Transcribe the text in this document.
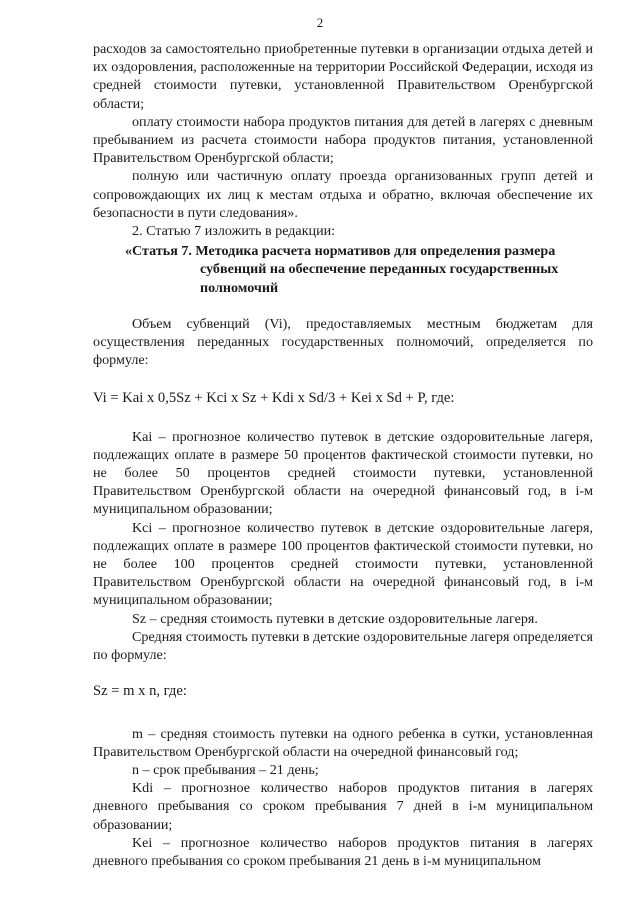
2

расходов за самостоятельно приобретенные путевки в организации отдыха детей и их оздоровления, расположенные на территории Российской Федерации, исходя из средней стоимости путевки, установленной Правительством Оренбургской области;

оплату стоимости набора продуктов питания для детей в лагерях с дневным пребыванием из расчета стоимости набора продуктов питания, установленной Правительством Оренбургской области;

полную или частичную оплату проезда организованных групп детей и сопровождающих их лиц к местам отдыха и обратно, включая обеспечение их безопасности в пути следования».

2. Статью 7 изложить в редакции:

«Статья 7. Методика расчета нормативов для определения размера

субвенций на обеспечение переданных государственных полномочий

Объем субвенций (Vi), предоставляемых местным бюджетам для осуществления переданных государственных полномочий, определяется по формуле:

Vi = Kai x 0,5Sz + Kci x Sz + Kdi x Sd/3 + Kei x Sd + P, где:

Kai – прогнозное количество путевок в детские оздоровительные лагеря, подлежащих оплате в размере 50 процентов фактической стоимости путевки, но не более 50 процентов средней стоимости путевки, установленной Правительством Оренбургской области на очередной финансовый год, в i-м муниципальном образовании;

Kci – прогнозное количество путевок в детские оздоровительные лагеря, подлежащих оплате в размере 100 процентов фактической стоимости путевки, но не более 100 процентов средней стоимости путевки, установленной Правительством Оренбургской области на очередной финансовый год, в i-м муниципальном образовании;

Sz – средняя стоимость путевки в детские оздоровительные лагеря.

Средняя стоимость путевки в детские оздоровительные лагеря определяется по формуле:

Sz = m x n, где:

m – средняя стоимость путевки на одного ребенка в сутки, установленная Правительством Оренбургской области на очередной финансовый год;

n – срок пребывания – 21 день;

Kdi – прогнозное количество наборов продуктов питания в лагерях дневного пребывания со сроком пребывания 7 дней в i-м муниципальном образовании;

Kei – прогнозное количество наборов продуктов питания в лагерях дневного пребывания со сроком пребывания 21 день в i-м муниципальном
